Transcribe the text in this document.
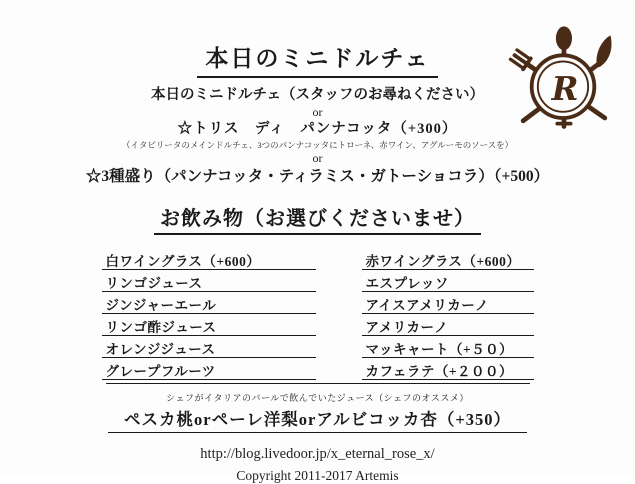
R
本日のミニドルチェ
本日のミニドルチェ（スタッフのお尋ねください）
or
☆トリス　ディ　パンナコッタ（+300）
（イタビリータのメインドルチェ、3つのパンナコッタにトローネ、赤ワイン、アグルーモのソースを）
or
☆3種盛り（パンナコッタ・ティラミス・ガトーショコラ）（+500）
お飲み物（お選びくださいませ）
白ワイングラス（+600）	赤ワイングラス（+600）
リンゴジュース	エスプレッソ
ジンジャーエール	アイスアメリカーノ
リンゴ酢ジュース	アメリカーノ
オレンジジュース	マッキャート（+５０）
グレープフルーツ	カフェラテ（+２００）
シェフがイタリアのバールで飲んでいたジュース（シェフのオススメ）
ペスカ桃orペーレ洋梨orアルビコッカ杏（+350）
http://blog.livedoor.jp/x_eternal_rose_x/
Copyright 2011-2017 Artemis
